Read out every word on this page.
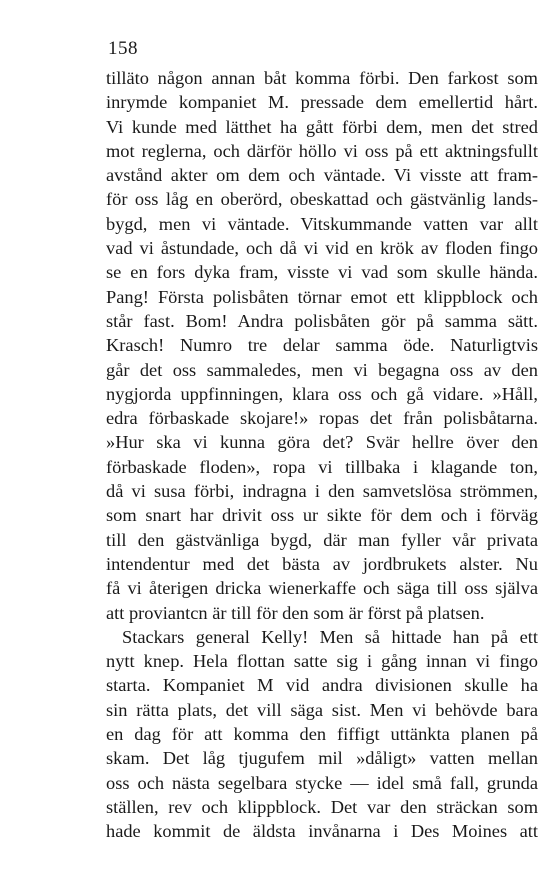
158
tilläto någon annan båt komma förbi. Den farkost som
inrymde kompaniet M. pressade dem emellertid hårt.
Vi kunde med lätthet ha gått förbi dem, men det stred
mot reglerna, och därför höllo vi oss på ett aktningsfullt
avstånd akter om dem och väntade. Vi visste att fram-
för oss låg en oberörd, obeskattad och gästvänlig lands-
bygd, men vi väntade. Vitskummande vatten var allt
vad vi åstundade, och då vi vid en krök av floden fingo
se en fors dyka fram, visste vi vad som skulle hända.
Pang! Första polisbåten törnar emot ett klippblock och
står fast. Bom! Andra polisbåten gör på samma sätt.
Krasch! Numro tre delar samma öde. Naturligtvis
går det oss sammaledes, men vi begagna oss av den
nygjorda uppfinningen, klara oss och gå vidare. »Håll,
edra förbaskade skojare!» ropas det från polisbåtarna.
»Hur ska vi kunna göra det? Svär hellre över den
förbaskade floden», ropa vi tillbaka i klagande ton,
då vi susa förbi, indragna i den samvetslösa strömmen,
som snart har drivit oss ur sikte för dem och i förväg
till den gästvänliga bygd, där man fyller vår privata
intendentur med det bästa av jordbrukets alster. Nu
få vi återigen dricka wienerkaffe och säga till oss själva
att proviantcn är till för den som är först på platsen.
Stackars general Kelly! Men så hittade han på ett
nytt knep. Hela flottan satte sig i gång innan vi fingo
starta. Kompaniet M vid andra divisionen skulle ha
sin rätta plats, det vill säga sist. Men vi behövde bara
en dag för att komma den fiffigt uttänkta planen på
skam. Det låg tjugufem mil »dåligt» vatten mellan
oss och nästa segelbara stycke — idel små fall, grunda
ställen, rev och klippblock. Det var den sträckan som
hade kommit de äldsta invånarna i Des Moines att
